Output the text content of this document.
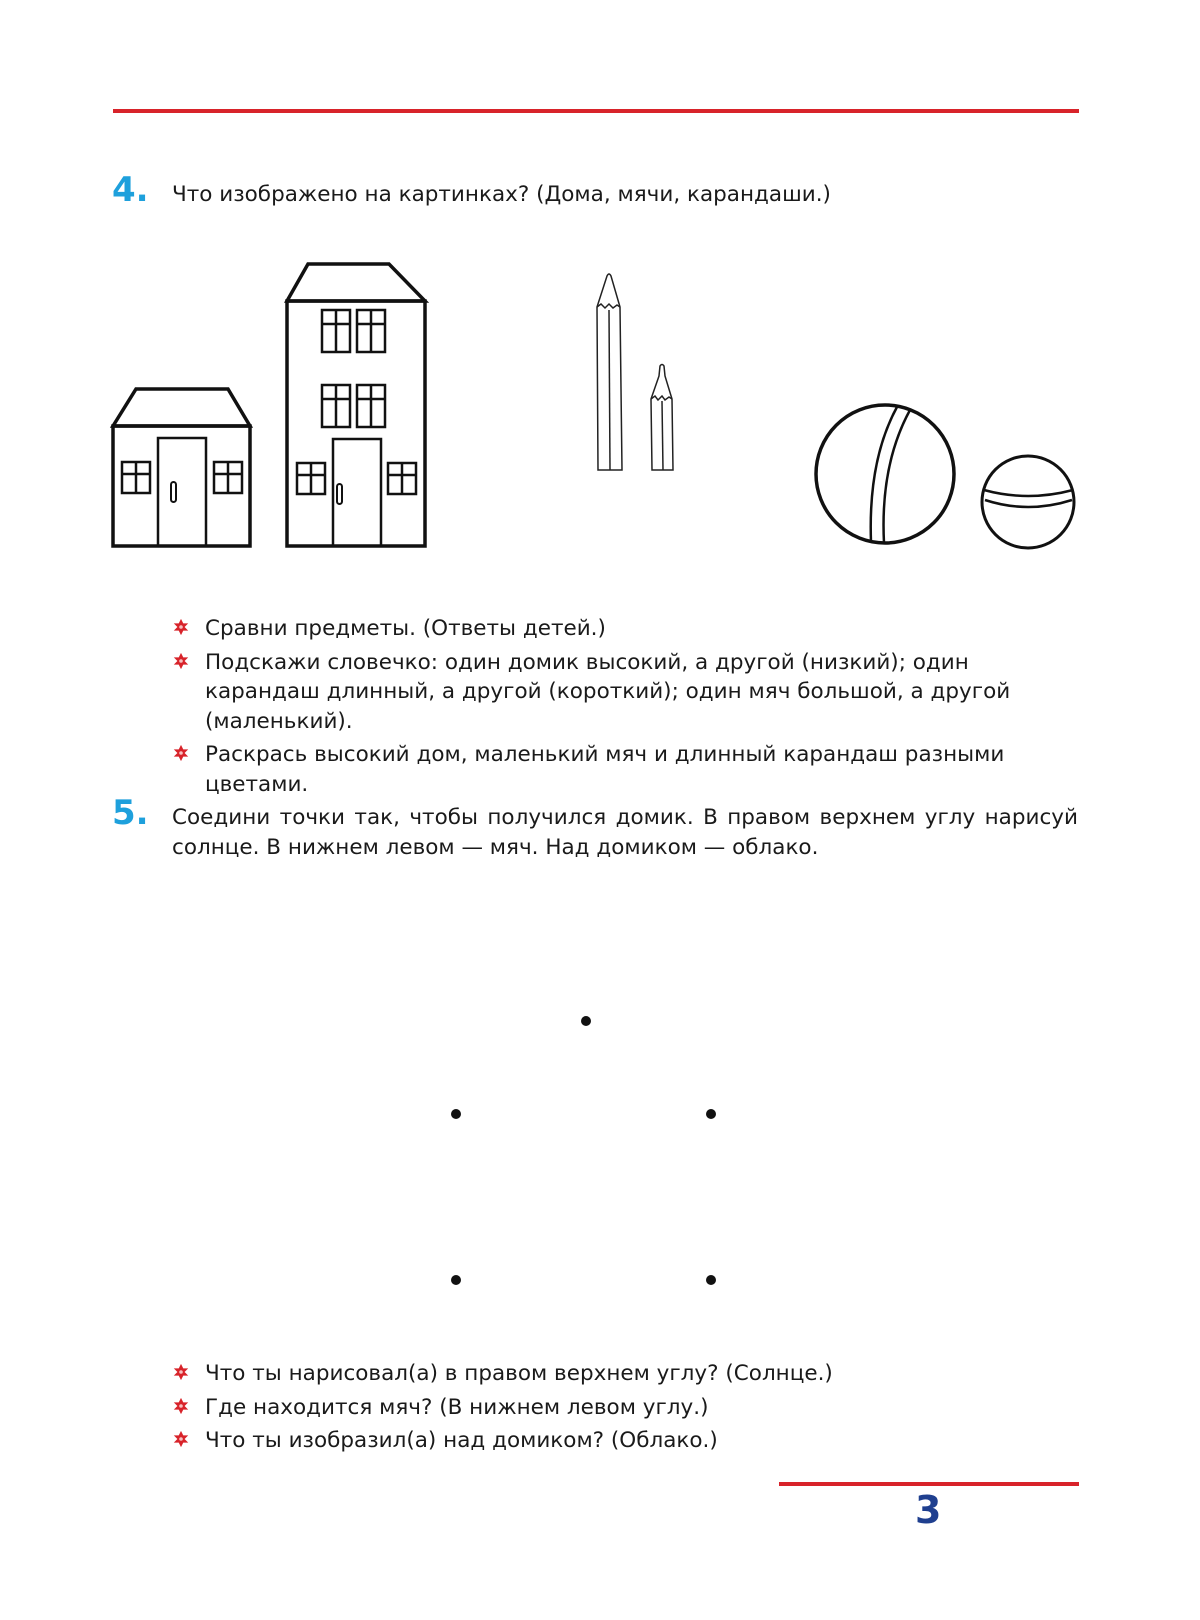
4. Что изображено на картинках? (Дома, мячи, карандаши.)
Сравни предметы. (Ответы детей.)
Подскажи словечко: один домик высокий, а другой (низкий); один карандаш длинный, а другой (короткий); один мяч большой, а другой (маленький).
Раскрась высокий дом, маленький мяч и длинный карандаш разными цветами.
5. Соедини точки так, чтобы получился домик. В правом верхнем углу нарисуй солнце. В нижнем левом — мяч. Над домиком — облако.
Что ты нарисовал(а) в правом верхнем углу? (Солнце.)
Где находится мяч? (В нижнем левом углу.)
Что ты изобразил(а) над домиком? (Облако.)
3
